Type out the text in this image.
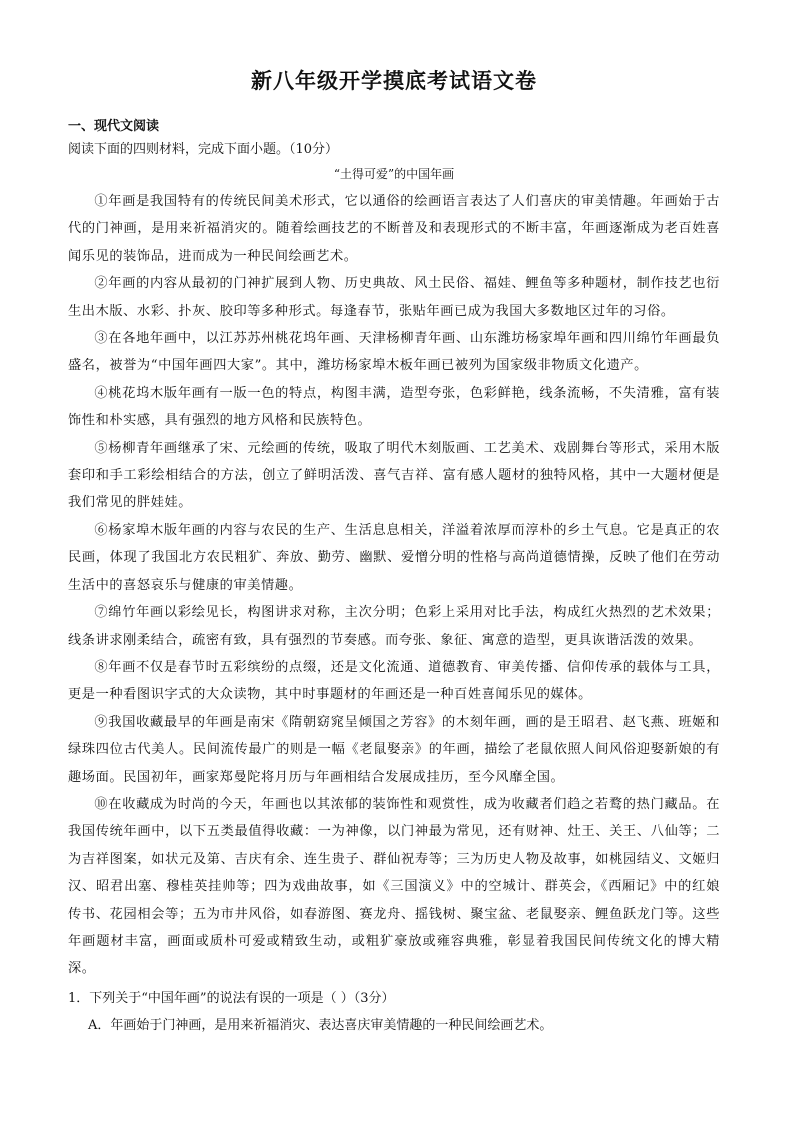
新八年级开学摸底考试语文卷

一、现代文阅读

阅读下面的四则材料，完成下面小题。（10分）

“土得可爱”的中国年画

①年画是我国特有的传统民间美术形式，它以通俗的绘画语言表达了人们喜庆的审美情趣。年画始于古代的门神画，是用来祈福消灾的。随着绘画技艺的不断普及和表现形式的不断丰富，年画逐渐成为老百姓喜闻乐见的装饰品，进而成为一种民间绘画艺术。

②年画的内容从最初的门神扩展到人物、历史典故、风土民俗、福娃、鲤鱼等多种题材，制作技艺也衍生出木版、水彩、扑灰、胶印等多种形式。每逢春节，张贴年画已成为我国大多数地区过年的习俗。

③在各地年画中，以江苏苏州桃花坞年画、天津杨柳青年画、山东潍坊杨家埠年画和四川绵竹年画最负盛名，被誉为“中国年画四大家”。其中，潍坊杨家埠木板年画已被列为国家级非物质文化遗产。

④桃花坞木版年画有一版一色的特点，构图丰满，造型夸张，色彩鲜艳，线条流畅，不失清雅，富有装饰性和朴实感，具有强烈的地方风格和民族特色。

⑤杨柳青年画继承了宋、元绘画的传统，吸取了明代木刻版画、工艺美术、戏剧舞台等形式，采用木版套印和手工彩绘相结合的方法，创立了鲜明活泼、喜气吉祥、富有感人题材的独特风格，其中一大题材便是我们常见的胖娃娃。

⑥杨家埠木版年画的内容与农民的生产、生活息息相关，洋溢着浓厚而淳朴的乡土气息。它是真正的农民画，体现了我国北方农民粗犷、奔放、勤劳、幽默、爱憎分明的性格与高尚道德情操，反映了他们在劳动生活中的喜怒哀乐与健康的审美情趣。

⑦绵竹年画以彩绘见长，构图讲求对称，主次分明；色彩上采用对比手法，构成红火热烈的艺术效果；线条讲求刚柔结合，疏密有致，具有强烈的节奏感。而夸张、象征、寓意的造型，更具诙谐活泼的效果。

⑧年画不仅是春节时五彩缤纷的点缀，还是文化流通、道德教育、审美传播、信仰传承的载体与工具，更是一种看图识字式的大众读物，其中时事题材的年画还是一种百姓喜闻乐见的媒体。

⑨我国收藏最早的年画是南宋《隋朝窈窕呈倾国之芳容》的木刻年画，画的是王昭君、赵飞燕、班姬和绿珠四位古代美人。民间流传最广的则是一幅《老鼠娶亲》的年画，描绘了老鼠依照人间风俗迎娶新娘的有趣场面。民国初年，画家郑曼陀将月历与年画相结合发展成挂历，至今风靡全国。

⑩在收藏成为时尚的今天，年画也以其浓郁的装饰性和观赏性，成为收藏者们趋之若鹜的热门藏品。在我国传统年画中，以下五类最值得收藏：一为神像，以门神最为常见，还有财神、灶王、关王、八仙等；二为吉祥图案，如状元及第、吉庆有余、连生贵子、群仙祝寿等；三为历史人物及故事，如桃园结义、文姬归汉、昭君出塞、穆桂英挂帅等；四为戏曲故事，如《三国演义》中的空城计、群英会，《西厢记》中的红娘传书、花园相会等；五为市井风俗，如春游图、赛龙舟、摇钱树、聚宝盆、老鼠娶亲、鲤鱼跃龙门等。这些年画题材丰富，画面或质朴可爱或精致生动，或粗犷豪放或雍容典雅，彰显着我国民间传统文化的博大精深。

1．下列关于“中国年画”的说法有误的一项是（ ）（3分）

A．年画始于门神画，是用来祈福消灾、表达喜庆审美情趣的一种民间绘画艺术。
